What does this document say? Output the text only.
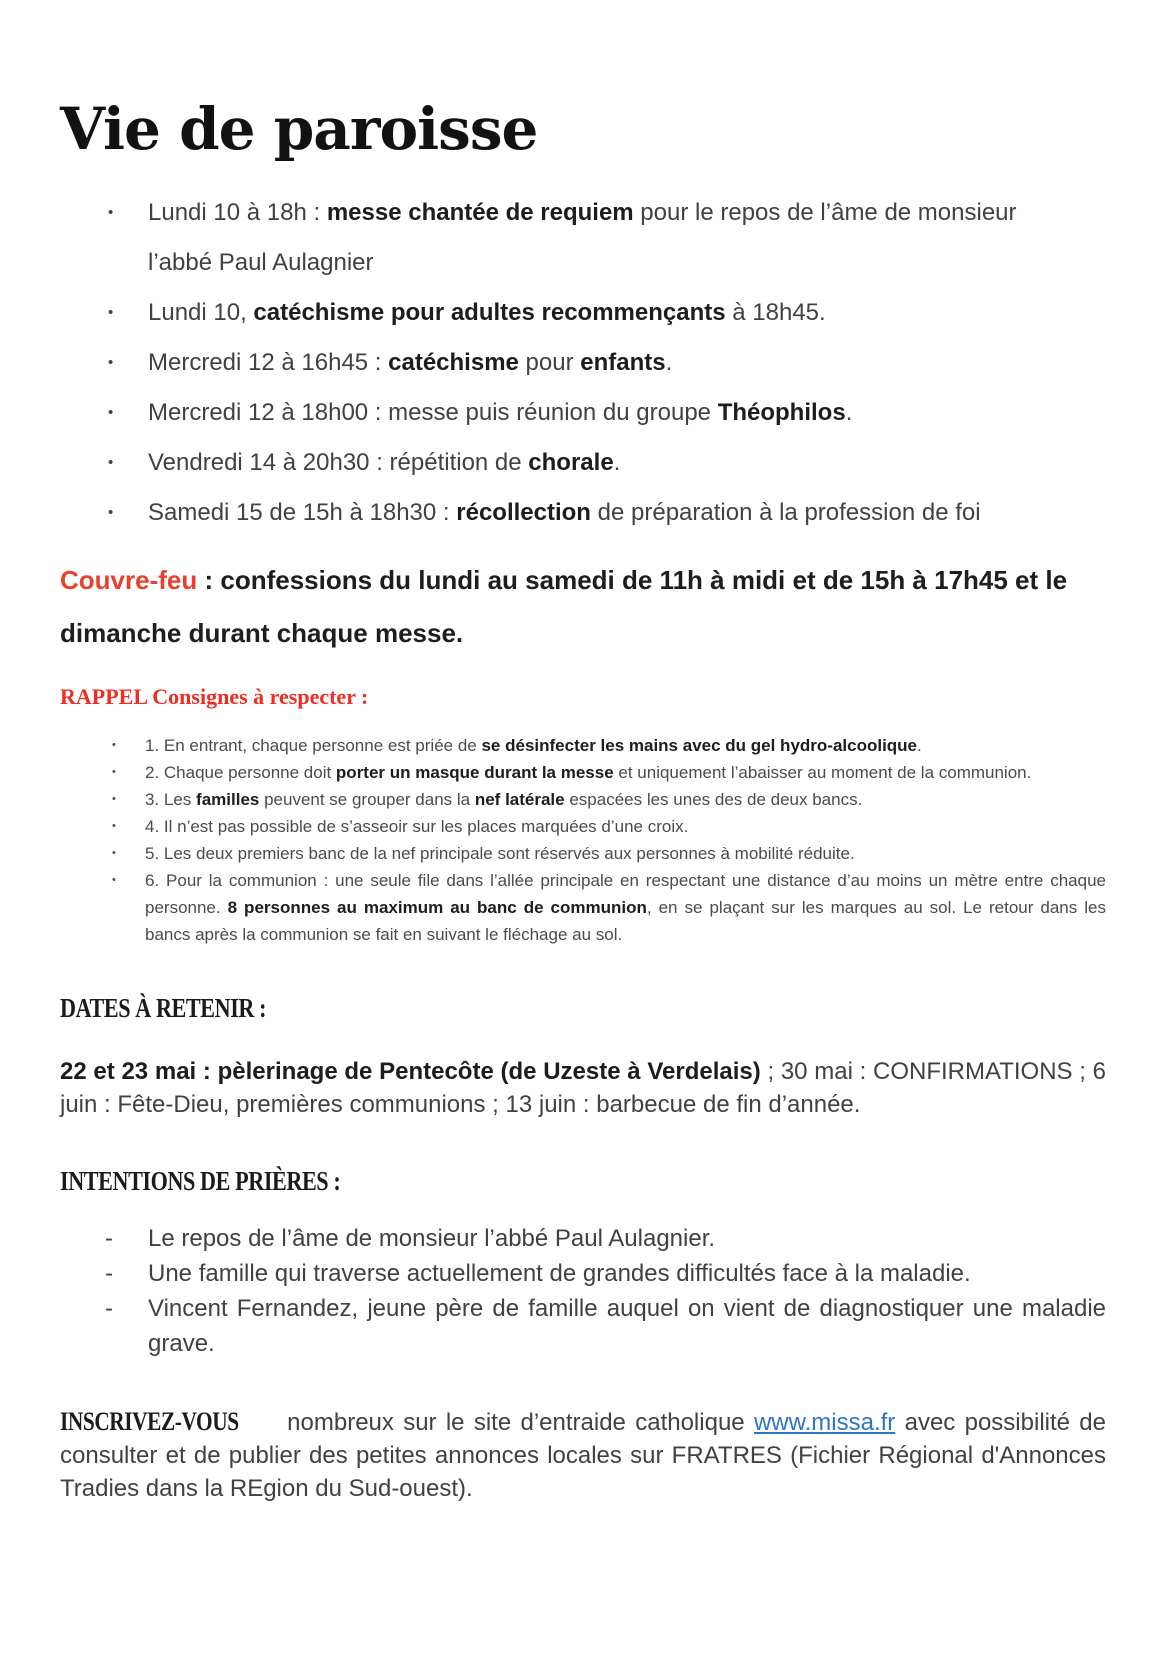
Vie de paroisse
•	Lundi 10 à 18h : messe chantée de requiem pour le repos de l’âme de monsieur l’abbé Paul Aulagnier
•	Lundi 10, catéchisme pour adultes recommençants à 18h45.
•	Mercredi 12 à 16h45 : catéchisme pour enfants.
•	Mercredi 12 à 18h00 : messe puis réunion du groupe Théophilos.
•	Vendredi 14 à 20h30 : répétition de chorale.
•	Samedi 15 de 15h à 18h30 : récollection de préparation à la profession de foi

Couvre-feu : confessions du lundi au samedi de 11h à midi et de 15h à 17h45 et le dimanche durant chaque messe.

RAPPEL Consignes à respecter :

•	1. En entrant, chaque personne est priée de se désinfecter les mains avec du gel hydro-alcoolique.
•	2. Chaque personne doit porter un masque durant la messe et uniquement l’abaisser au moment de la communion.
•	3. Les familles peuvent se grouper dans la nef latérale espacées les unes des de deux bancs.
•	4. Il n’est pas possible de s’asseoir sur les places marquées d’une croix.
•	5. Les deux premiers banc de la nef principale sont réservés aux personnes à mobilité réduite.
•	6. Pour la communion : une seule file dans l’allée principale en respectant une distance d’au moins un mètre entre chaque personne. 8 personnes au maximum au banc de communion, en se plaçant sur les marques au sol. Le retour dans les bancs après la communion se fait en suivant le fléchage au sol.
DATES À RETENIR :

22 et 23 mai : pèlerinage de Pentecôte (de Uzeste à Verdelais) ; 30 mai : CONFIRMATIONS ; 6 juin : Fête-Dieu, premières communions ; 13 juin : barbecue de fin d’année.

INTENTIONS DE PRIÈRES :
-	Le repos de l’âme de monsieur l’abbé Paul Aulagnier.
-	Une famille qui traverse actuellement de grandes difficultés face à la maladie.
-	Vincent Fernandez, jeune père de famille auquel on vient de diagnostiquer une maladie grave.

INSCRIVEZ-VOUS nombreux sur le site d’entraide catholique www.missa.fr avec possibilité de consulter et de publier des petites annonces locales sur FRATRES (Fichier Régional d'Annonces Tradies dans la REgion du Sud-ouest).
